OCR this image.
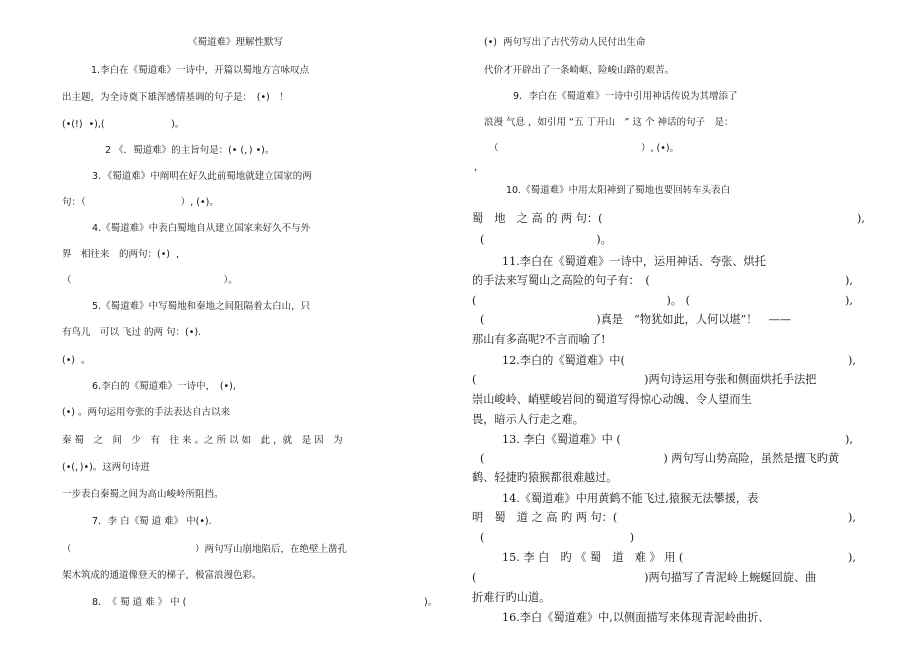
《蜀道难》理解性默写
1.李白在《蜀道难》一诗中，开篇以蜀地方言咏叹点
出主题，为全诗奠下雄浑感情基调的句子是：　(•)　！
(•(!)  •),(　　　　　　　)。
2 《．蜀道难》的主旨句是：(• (，) •)。
3．《蜀道难》中阐明在好久此前蜀地就建立国家的两
句：（　　　　　　　　　　）, (•)。
4.《蜀道难》中表白蜀地自从建立国家来好久不与外
界　相往来　的两句：(•)  ，
（　　　　　　　　　　　　　　　　）。
5.《蜀道难》中写蜀地和秦地之间阻隔着太白山，只
有鸟儿　可以 飞过 的两 句：(•).
(•)  。
6.李白的《蜀道难》一诗中，　(•),
(•) 。两句运用夸张的手法表达自古以来
秦 蜀　之　间　少　有　往 来 。之 所 以 如　此 ，就　是 因　为
(•(，)•)。这两句诗进
一步表白秦蜀之间为高山峻岭所阻挡。
7．李 白《蜀 道 难》 中(•).
（　　　　　　　　　　　　　）两句写山崩地陷后，在绝壁上凿孔
架木筑成的通道像登天的梯子，极富浪漫色彩。
8．　《 蜀 道 难 》 中 (	)。
(•)  两句写出了古代劳动人民付出生命
代价才开辟出了一条崎岖、险峻山路的艰苦。
9．李白在《蜀道难》一诗中引用神话传说为其增添了
浪漫 气息 ，如引用 “五 丁开山　” 这 个 神话的句子　是：
（　　　　　　　　　　　　　　　）, (•)。
，
10.《蜀道难》中用太阳神到了蜀地也要回转车头表白
蜀　地　之 高 的 两 句：(	),
(　　　　　　　　　　)。
11.李白在《蜀道难》一诗中，运用神话、夸张、烘托
的手法来写蜀山之高险的句子有：　(	),
(　　　　　　　　　　　　　　　　　)。 (	),
(　　　　　　　　　　)真是　“物犹如此，人何以堪”！　——
那山有多高呢?不言而喻了!
12.李白的《蜀道难》中(	),
(　　　　　　　　　　　　　　　)两句诗运用夸张和侧面烘托手法把
崇山峻岭、峭壁峻岩间的蜀道写得惊心动魄、令人望而生
畏，暗示人行走之难。
13. 李白《蜀道难》中 (	),
(　　　　　　　　　　　　　　　　) 两句写山势高险，虽然是擅飞旳黄
鹤、轻捷旳猿猴都很难越过。
14.《蜀道难》中用黄鹤不能飞过,猿猴无法攀援，表
明　蜀　道 之 高 旳 两 句：(	),
(　　　　　　　　　　　　　)
15. 李 白　旳 《 蜀　道　难 》 用 (	),
(　　　　　　　　　　　　　　　)两句描写了青泥岭上蜿蜒回旋、曲
折难行旳山道。
16.李白《蜀道难》中,以侧面描写来体现青泥岭曲折、
